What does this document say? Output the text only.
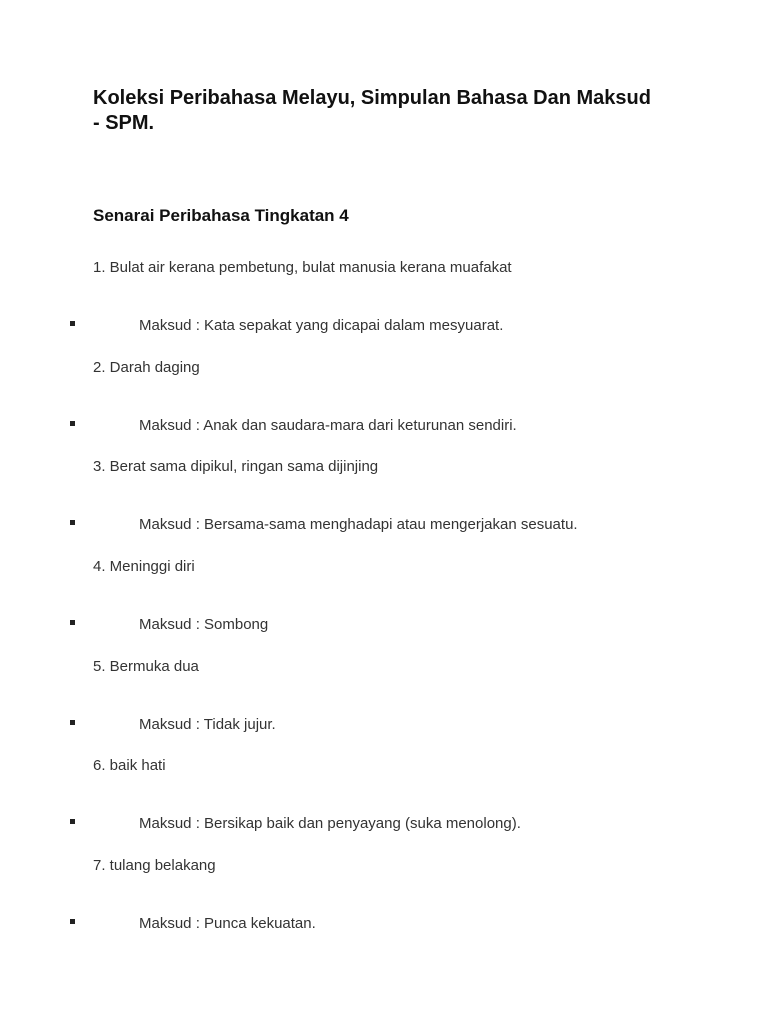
Koleksi Peribahasa Melayu, Simpulan Bahasa Dan Maksud - SPM.
Senarai Peribahasa Tingkatan 4
1. Bulat air kerana pembetung, bulat manusia kerana muafakat
Maksud : Kata sepakat yang dicapai dalam mesyuarat.
2. Darah daging
Maksud : Anak dan saudara-mara dari keturunan sendiri.
3. Berat sama dipikul, ringan sama dijinjing
Maksud : Bersama-sama menghadapi atau mengerjakan sesuatu.
4. Meninggi diri
Maksud : Sombong
5. Bermuka dua
Maksud : Tidak jujur.
6. baik hati
Maksud : Bersikap baik dan penyayang (suka menolong).
7. tulang belakang
Maksud : Punca kekuatan.
